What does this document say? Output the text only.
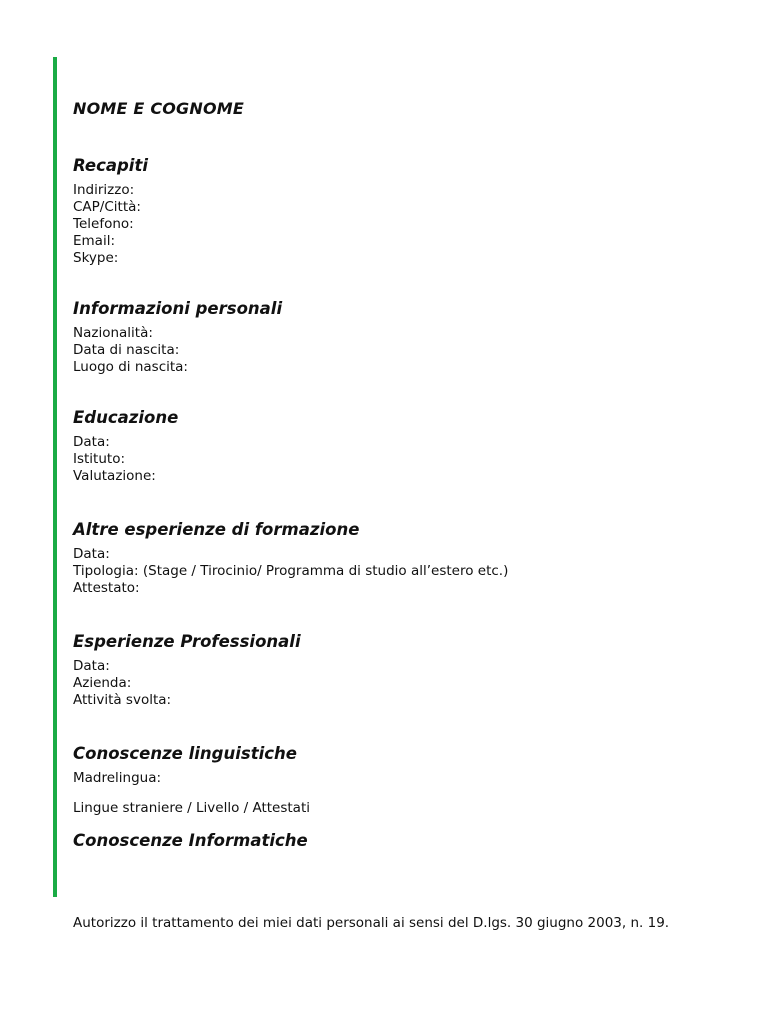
NOME E COGNOME
Recapiti
Indirizzo:
CAP/Città:
Telefono:
Email:
Skype:
Informazioni personali
Nazionalità:
Data di nascita:
Luogo di nascita:
Educazione
Data:
Istituto:
Valutazione:
Altre esperienze di formazione
Data:
Tipologia: (Stage / Tirocinio/ Programma di studio all’estero etc.)
Attestato:
Esperienze Professionali
Data:
Azienda:
Attività svolta:
Conoscenze linguistiche
Madrelingua:
Lingue straniere / Livello / Attestati
Conoscenze Informatiche
Autorizzo il trattamento dei miei dati personali ai sensi del D.lgs. 30 giugno 2003, n. 19.
